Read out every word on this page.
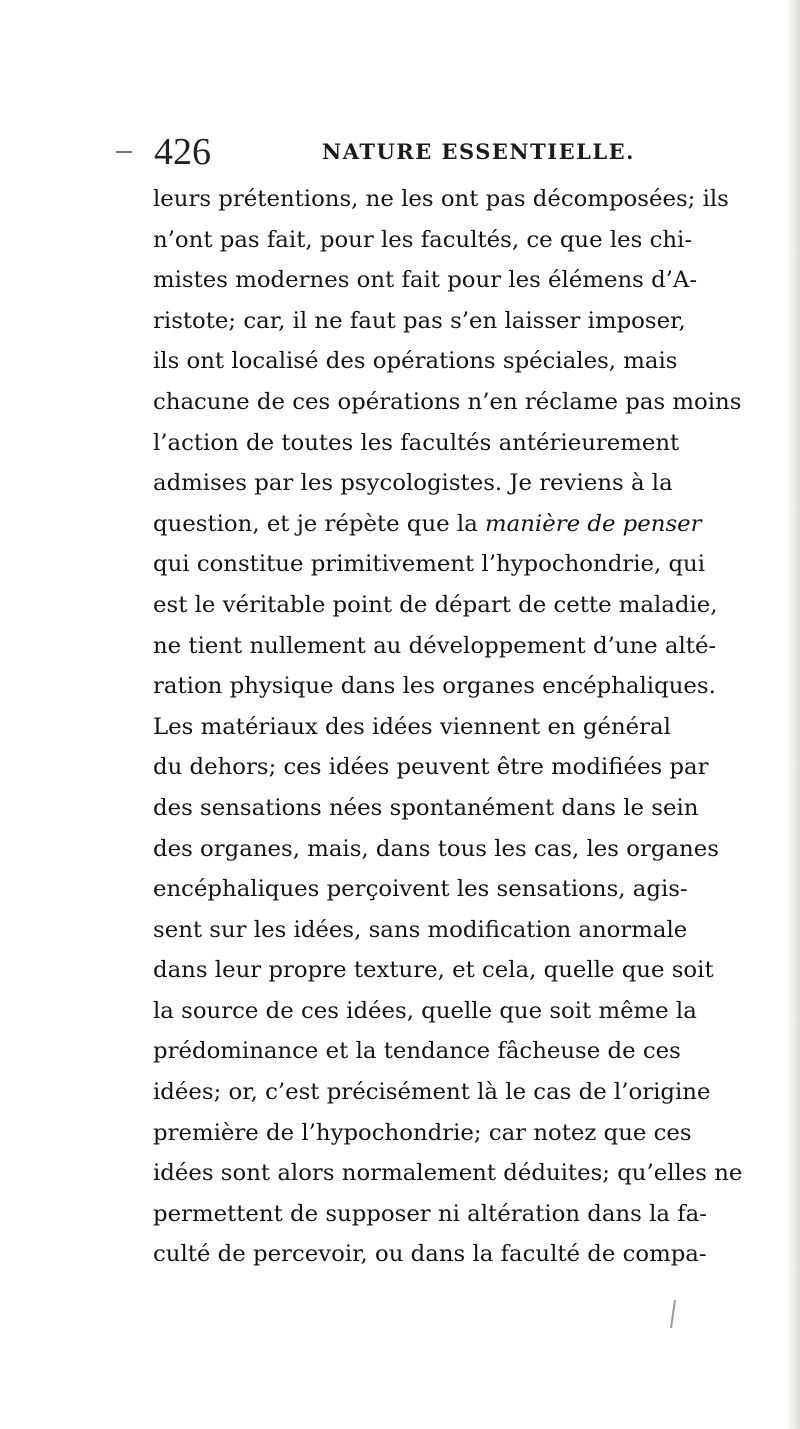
426	NATURE ESSENTIELLE.
leurs prétentions, ne les ont pas décomposées; ils
n’ont pas fait, pour les facultés, ce que les chi-
mistes modernes ont fait pour les élémens d’A-
ristote; car, il ne faut pas s’en laisser imposer,
ils ont localisé des opérations spéciales, mais
chacune de ces opérations n’en réclame pas moins
l’action de toutes les facultés antérieurement
admises par les psycologistes. Je reviens à la
question, et je répète que la manière de penser
qui constitue primitivement l’hypochondrie, qui
est le véritable point de départ de cette maladie,
ne tient nullement au développement d’une alté-
ration physique dans les organes encéphaliques.
Les matériaux des idées viennent en général
du dehors; ces idées peuvent être modifiées par
des sensations nées spontanément dans le sein
des organes, mais, dans tous les cas, les organes
encéphaliques perçoivent les sensations, agis-
sent sur les idées, sans modification anormale
dans leur propre texture, et cela, quelle que soit
la source de ces idées, quelle que soit même la
prédominance et la tendance fâcheuse de ces
idées; or, c’est précisément là le cas de l’origine
première de l’hypochondrie; car notez que ces
idées sont alors normalement déduites; qu’elles ne
permettent de supposer ni altération dans la fa-
culté de percevoir, ou dans la faculté de compa-
